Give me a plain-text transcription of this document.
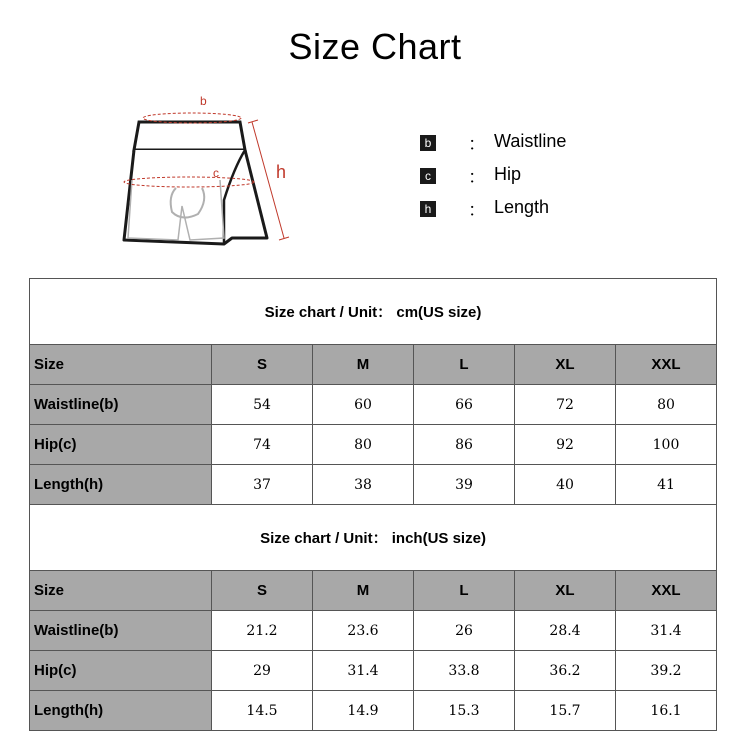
Size Chart
b
c	h
b ： Waistline
c ： Hip
h ： Length
Size chart / Unit： cm(US size)					
Size	S	M	L	XL	XXL
Waistline(b)	54	60	66	72	80
Hip(c)	74	80	86	92	100
Length(h)	37	38	39	40	41
Size chart / Unit： inch(US size)					
Size	S	M	L	XL	XXL
Waistline(b)	21.2	23.6	26	28.4	31.4
Hip(c)	29	31.4	33.8	36.2	39.2
Length(h)	14.5	14.9	15.3	15.7	16.1
